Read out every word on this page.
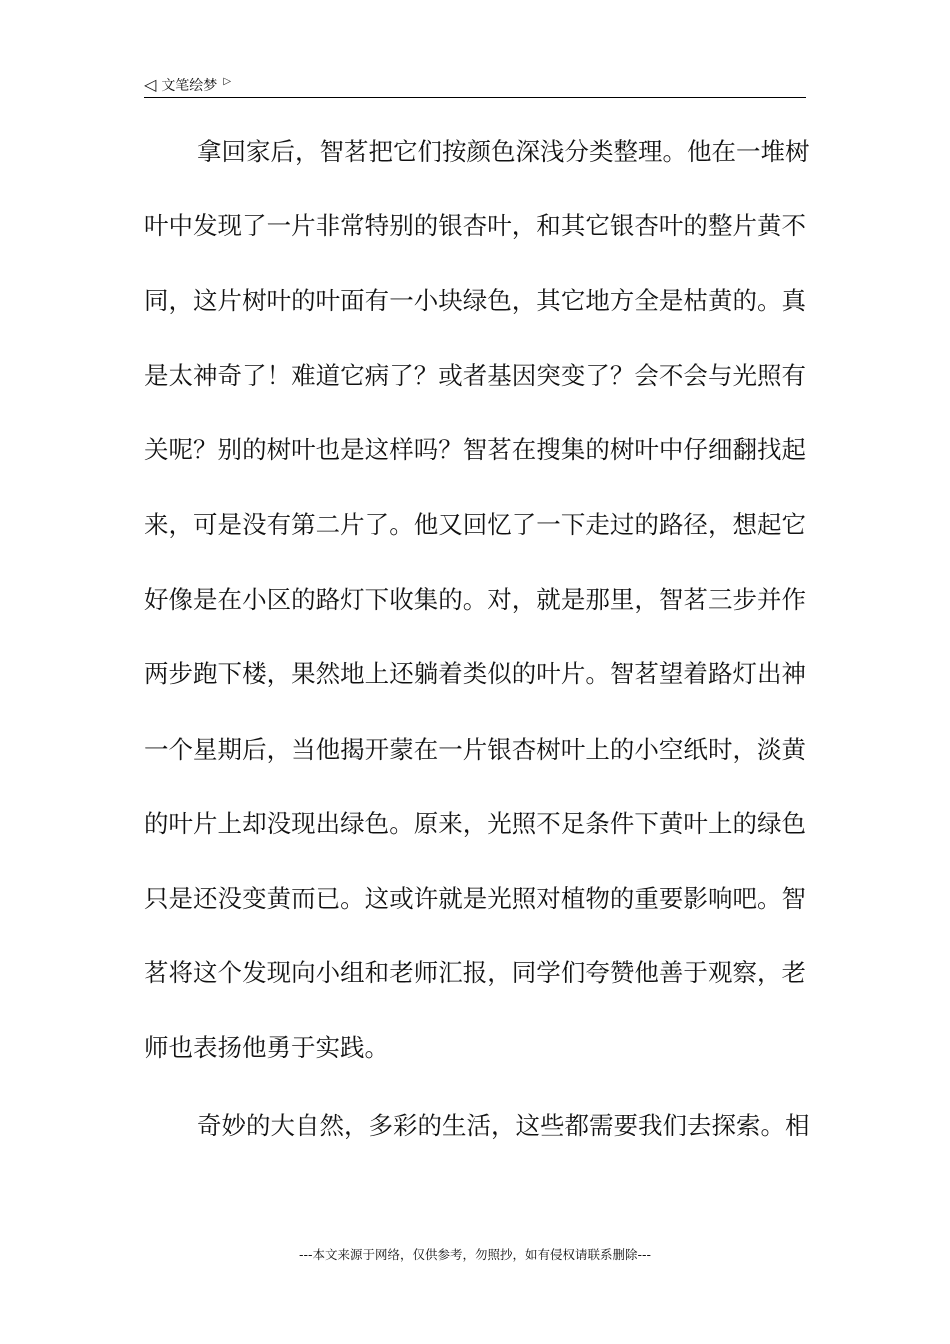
◁ 文笔绘梦 ▷
拿回家后，智茗把它们按颜色深浅分类整理。他在一堆树
叶中发现了一片非常特别的银杏叶，和其它银杏叶的整片黄不
同，这片树叶的叶面有一小块绿色，其它地方全是枯黄的。真
是太神奇了！难道它病了？或者基因突变了？会不会与光照有
关呢？别的树叶也是这样吗？智茗在搜集的树叶中仔细翻找起
来，可是没有第二片了。他又回忆了一下走过的路径，想起它
好像是在小区的路灯下收集的。对，就是那里，智茗三步并作
两步跑下楼，果然地上还躺着类似的叶片。智茗望着路灯出神
一个星期后，当他揭开蒙在一片银杏树叶上的小空纸时，淡黄
的叶片上却没现出绿色。原来，光照不足条件下黄叶上的绿色
只是还没变黄而已。这或许就是光照对植物的重要影响吧。智
茗将这个发现向小组和老师汇报，同学们夸赞他善于观察，老
师也表扬他勇于实践。
奇妙的大自然，多彩的生活，这些都需要我们去探索。相
---本文来源于网络，仅供参考，勿照抄，如有侵权请联系删除---
